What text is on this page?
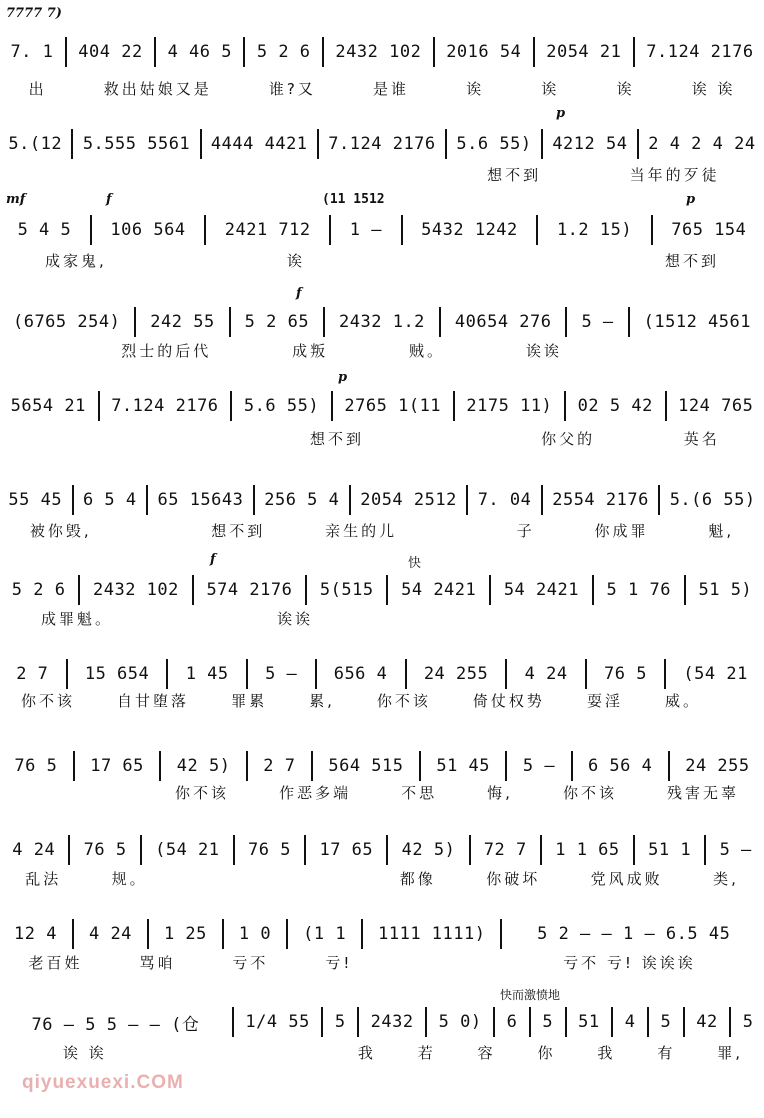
7777 7)
7. 1	404 22	4 46 5	5 2 6	2432 102	2016 54	2054 21	7.124 2176
出	救出姑娘又是	谁?又	是谁	诶	诶	诶	诶 诶
p
5.(12	5.555 5561	4444 4421	7.124 2176	5.6 55)	4212 54	2 4 2 4 24
想不到	当年的歹徒
mf	f	(11 1512	p
5 4 5	106 564	2421 712	1 —	5432 1242	1.2 15)	765 154
成家鬼,	诶	想不到
f
(6765 254)	242 55	5 2 65	2432 1.2	40654 276	5 —	(1512 4561
烈士的后代	成叛	贼。	诶诶
p
5654 21	7.124 2176	5.6 55)	2765 1(11	2175 11)	02 5 42	124 765
想不到	你父的	英名
55 45	6 5 4	65 15643	256 5 4	2054 2512	7. 04	2554 2176	5.(6 55)
被你毁,	想不到	亲生的儿	子	你成罪	魁,
f	快
5 2 6	2432 102	574 2176	5(515	54 2421	54 2421	5 1 76	51 5)
成罪魁。	诶诶
2 7	15 654	1 45	5 —	656 4	24 255	4 24	76 5	(54 21
你不该	自甘堕落	罪累	累,	你不该	倚仗权势	耍淫	威。
76 5	17 65	42 5)	2 7	564 515	51 45	5 —	6 56 4	24 255
你不该	作恶多端	不思	悔,	你不该	残害无辜
4 24	76 5	(54 21	76 5	17 65	42 5)	72 7	1 1 65	51 1	5 —
乱法	规。	都像	你破坏	党风成败	类,
12 4	4 24	1 25	1 0	(1 1	1111 1111)	5 2 — — 1 — 6.5 45
老百姓	骂咱	亏不	亏!	亏不 亏! 诶诶诶
快而激愤地
76 — 5 5 — — (仓	1/4 55	5	2432	5 0)	6	5	51	4	5	42	5
诶 诶	我	若	容	你	我	有	罪,
qiyuexuexi.COM
